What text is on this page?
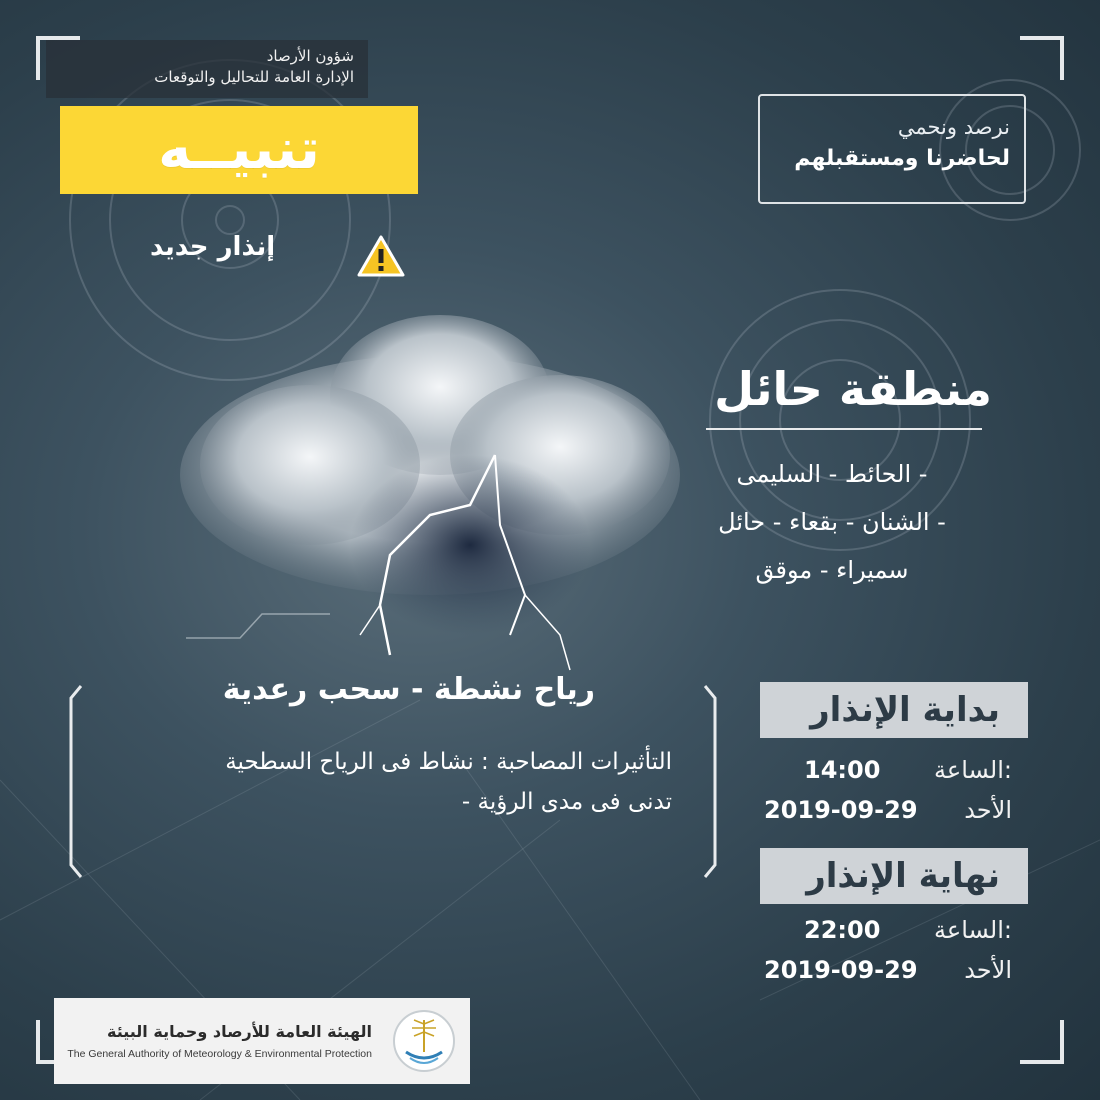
شؤون الأرصاد
الإدارة العامة للتحاليل والتوقعات
تنبيــه
إنذار جديد
نرصد ونحمي
لحاضرنا ومستقبلهم
منطقة حائل
الحائط - السليمى -
الشنان - بقعاء - حائل -
سميراء - موقق
رياح نشطة - سحب رعدية
التأثيرات المصاحبة : نشاط فى الرياح السطحية
- تدنى فى مدى الرؤية
بداية الإنذار
الساعة:
14:00
الأحد
2019-09-29
نهاية الإنذار
الساعة:
22:00
الأحد
2019-09-29
الهيئة العامة للأرصاد وحماية البيئة
The General Authority of Meteorology & Environmental Protection
